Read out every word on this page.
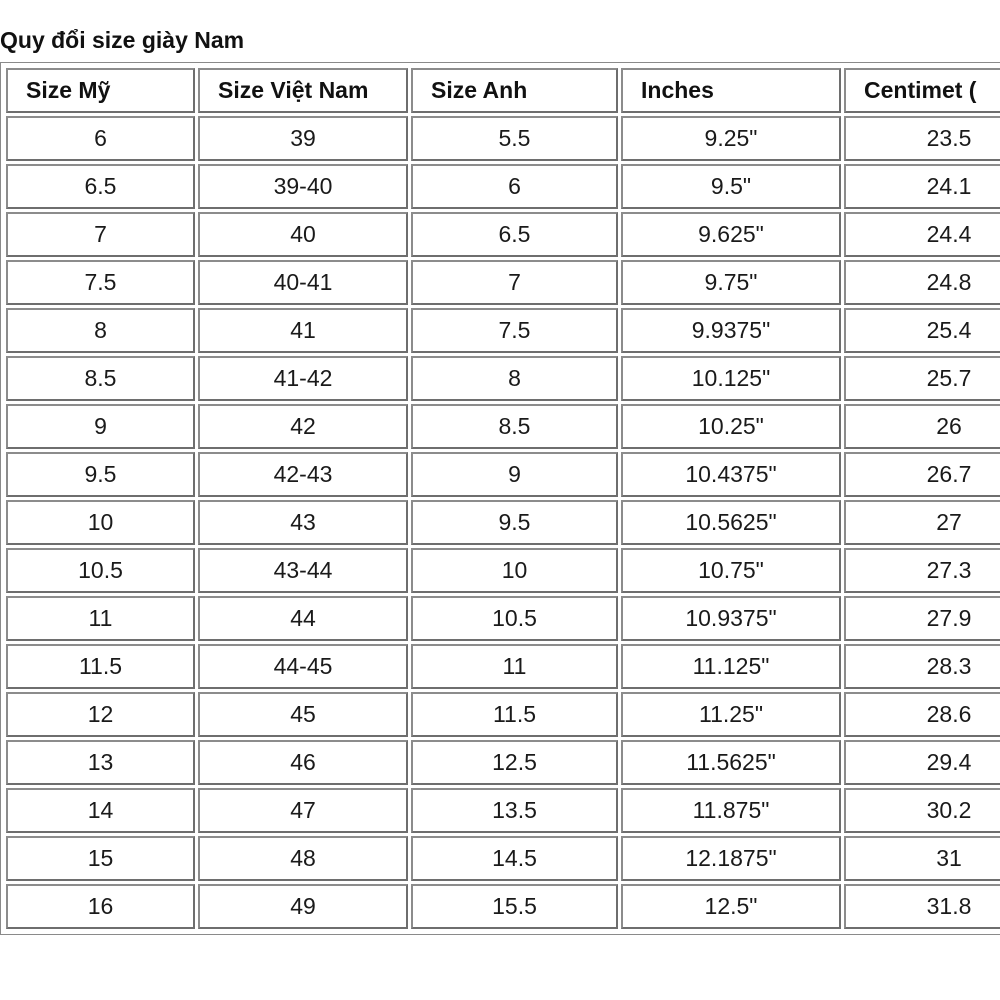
Quy đổi size giày Nam
Size Mỹ	Size Việt Nam	Size Anh	Inches	Centimet (
6	39	5.5	9.25"	23.5
6.5	39-40	6	9.5"	24.1
7	40	6.5	9.625"	24.4
7.5	40-41	7	9.75"	24.8
8	41	7.5	9.9375"	25.4
8.5	41-42	8	10.125"	25.7
9	42	8.5	10.25"	26
9.5	42-43	9	10.4375"	26.7
10	43	9.5	10.5625"	27
10.5	43-44	10	10.75"	27.3
11	44	10.5	10.9375"	27.9
11.5	44-45	11	11.125"	28.3
12	45	11.5	11.25"	28.6
13	46	12.5	11.5625"	29.4
14	47	13.5	11.875"	30.2
15	48	14.5	12.1875"	31
16	49	15.5	12.5"	31.8
